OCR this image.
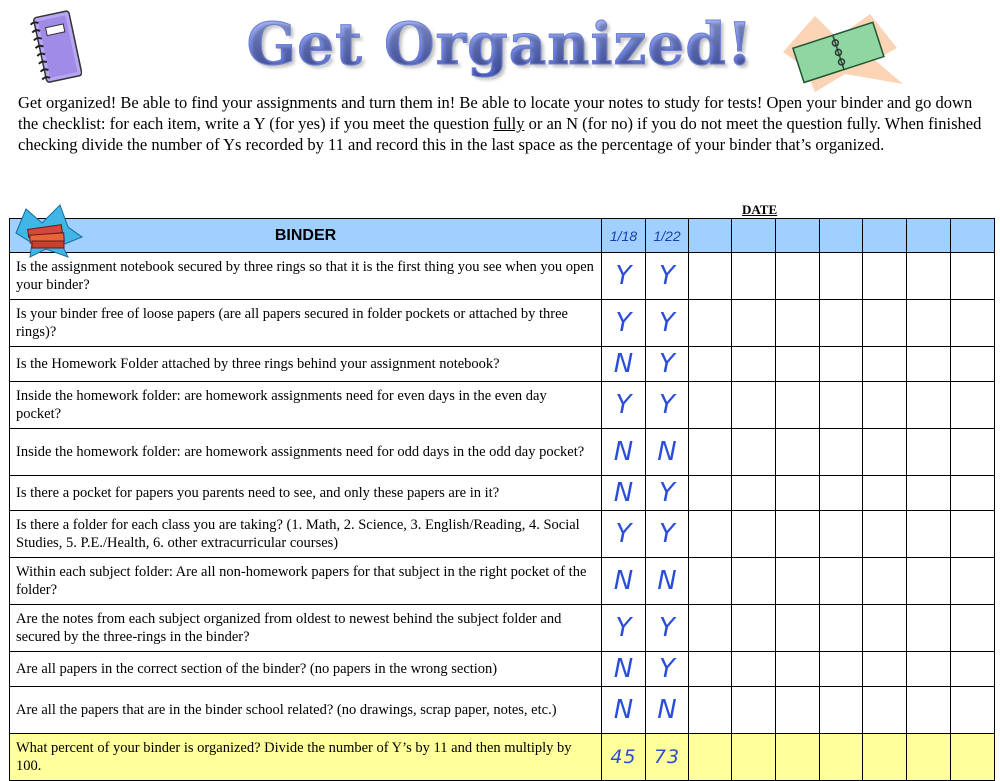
Get Organized!
Get organized! Be able to find your assignments and turn them in! Be able to locate your notes to study for tests! Open your binder and go down the checklist: for each item, write a Y (for yes) if you meet the question fully or an N (for no) if you do not meet the question fully. When finished checking divide the number of Ys recorded by 11 and record this in the last space as the percentage of your binder that’s organized.
DATE
BINDER	1/18	1/22							
Is the assignment notebook secured by three rings so that it is the first thing you see when you open your binder?	Y	Y							
Is your binder free of loose papers (are all papers secured in folder pockets or attached by three rings)?	Y	Y							
Is the Homework Folder attached by three rings behind your assignment notebook?	N	Y							
Inside the homework folder: are homework assignments need for even days in the even day pocket?	Y	Y							
Inside the homework folder: are homework assignments need for odd days in the odd day pocket?	N	N							
Is there a pocket for papers you parents need to see, and only these papers are in it?	N	Y							
Is there a folder for each class you are taking? (1. Math, 2. Science, 3. English/Reading, 4. Social Studies, 5. P.E./Health, 6. other extracurricular courses)	Y	Y							
Within each subject folder: Are all non-homework papers for that subject in the right pocket of the folder?	N	N							
Are the notes from each subject organized from oldest to newest behind the subject folder and secured by the three-rings in the binder?	Y	Y							
Are all papers in the correct section of the binder? (no papers in the wrong section)	N	Y							
Are all the papers that are in the binder school related? (no drawings, scrap paper, notes, etc.)	N	N							
What percent of your binder is organized? Divide the number of Y’s by 11 and then multiply by 100.	45	73							
